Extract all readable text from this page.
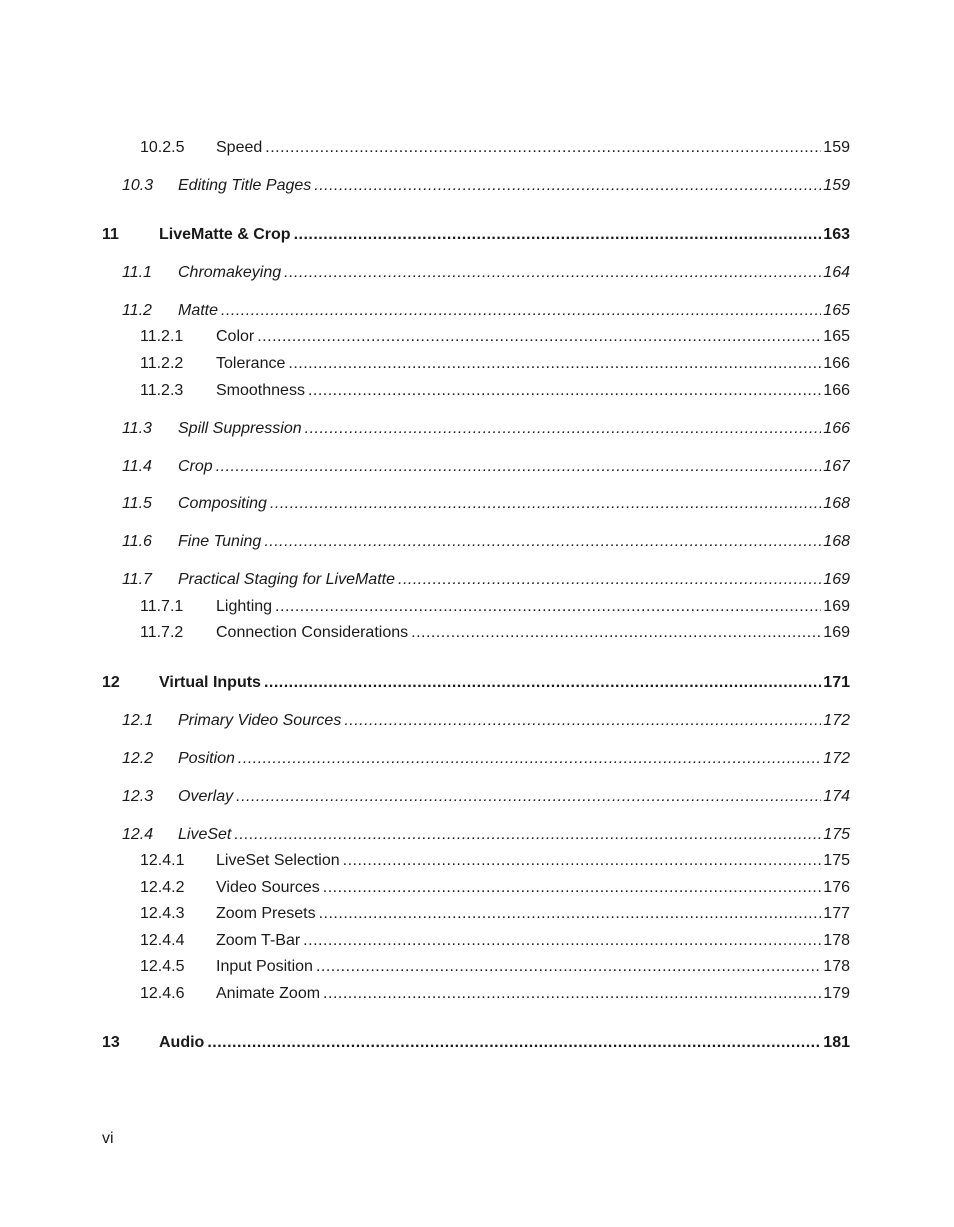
10.2.5	Speed .....	159
10.3	Editing Title Pages .....	159
11	LiveMatte & Crop .....	163
11.1	Chromakeying .....	164
11.2	Matte .....	165
11.2.1	Color .....	165
11.2.2	Tolerance .....	166
11.2.3	Smoothness .....	166
11.3	Spill Suppression .....	166
11.4	Crop .....	167
11.5	Compositing .....	168
11.6	Fine Tuning .....	168
11.7	Practical Staging for LiveMatte .....	169
11.7.1	Lighting .....	169
11.7.2	Connection Considerations .....	169
12	Virtual Inputs .....	171
12.1	Primary Video Sources .....	172
12.2	Position .....	172
12.3	Overlay .....	174
12.4	LiveSet .....	175
12.4.1	LiveSet Selection .....	175
12.4.2	Video Sources .....	176
12.4.3	Zoom Presets .....	177
12.4.4	Zoom T-Bar .....	178
12.4.5	Input Position .....	178
12.4.6	Animate Zoom .....	179
13	Audio .....	181
vi
